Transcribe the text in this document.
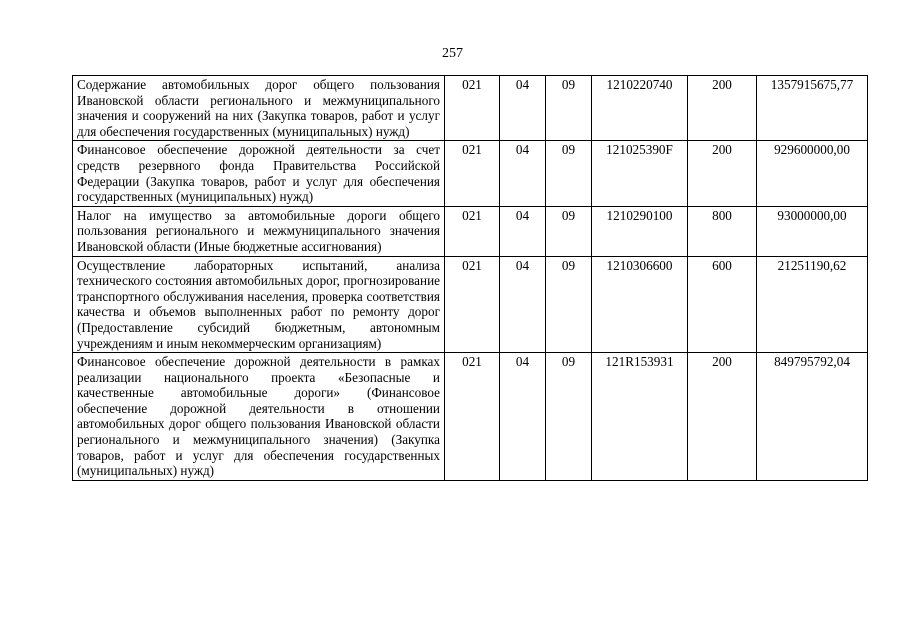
257
Содержание автомобильных дорог общего пользования Ивановской области регионального и межмуниципального значения и сооружений на них (Закупка товаров, работ и услуг для обеспечения государственных (муниципальных) нужд)	021	04	09	1210220740	200	1357915675,77
Финансовое обеспечение дорожной деятельности за счет средств резервного фонда Правительства Российской Федерации (Закупка товаров, работ и услуг для обеспечения государственных (муниципальных) нужд)	021	04	09	121025390F	200	929600000,00
Налог на имущество за автомобильные дороги общего пользования регионального и межмуниципального значения Ивановской области (Иные бюджетные ассигнования)	021	04	09	1210290100	800	93000000,00
Осуществление лабораторных испытаний, анализа технического состояния автомобильных дорог, прогнозирование транспортного обслуживания населения, проверка соответствия качества и объемов выполненных работ по ремонту дорог (Предоставление субсидий бюджетным, автономным учреждениям и иным некоммерческим организациям)	021	04	09	1210306600	600	21251190,62
Финансовое обеспечение дорожной деятельности в рамках реализации национального проекта «Безопасные и качественные автомобильные дороги» (Финансовое обеспечение дорожной деятельности в отношении автомобильных дорог общего пользования Ивановской области регионального и межмуниципального значения) (Закупка товаров, работ и услуг для обеспечения государственных (муниципальных) нужд)	021	04	09	121R153931	200	849795792,04
